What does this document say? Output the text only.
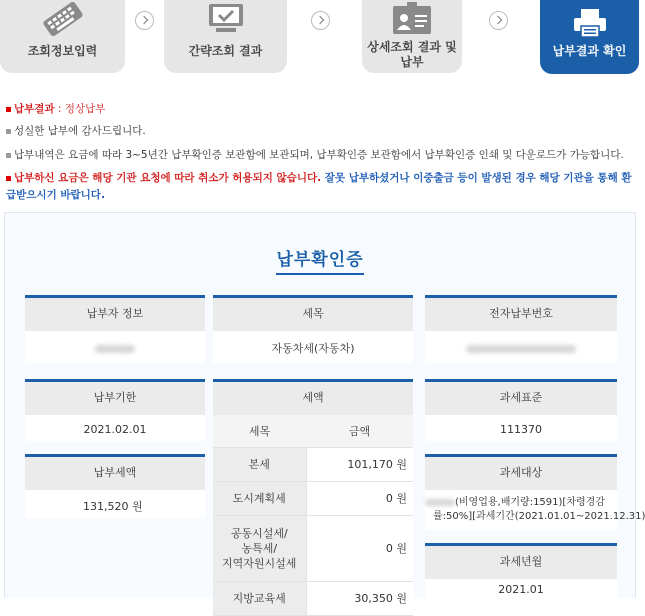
조회정보입력	간략조회 결과	상세조회 결과 및
납부
납부결과 확인
납부결과 : 정상납부
성실한 납부에 감사드립니다.
납부내역은 요금에 따라 3~5년간 납부확인증 보관함에 보관되며, 납부확인증 보관함에서 납부확인증 인쇄 및 다운로드가 가능합니다.
납부하신 요금은 해당 기관 요청에 따라 취소가 허용되지 않습니다. 잘못 납부하셨거나 이중출금 등이 발생된 경우 해당 기관을 통해 환
급받으시기 바랍니다.
납부확인증
납부자 정보
납부기한
2021.02.01
납부세액
131,520 원
세목
자동차세(자동차)
세액
세목	금액
본세	101,170 원
도시계획세	0 원

공동시설세/
농특세/
지역자원시설세	0 원
지방교육세	30,350 원
전자납부번호
과세표준
111370
과세대상
(비영업용,배기량:1591)[차령경감
률:50%][과세기간(2021.01.01~2021.12.31)
과세년월
2021.01
